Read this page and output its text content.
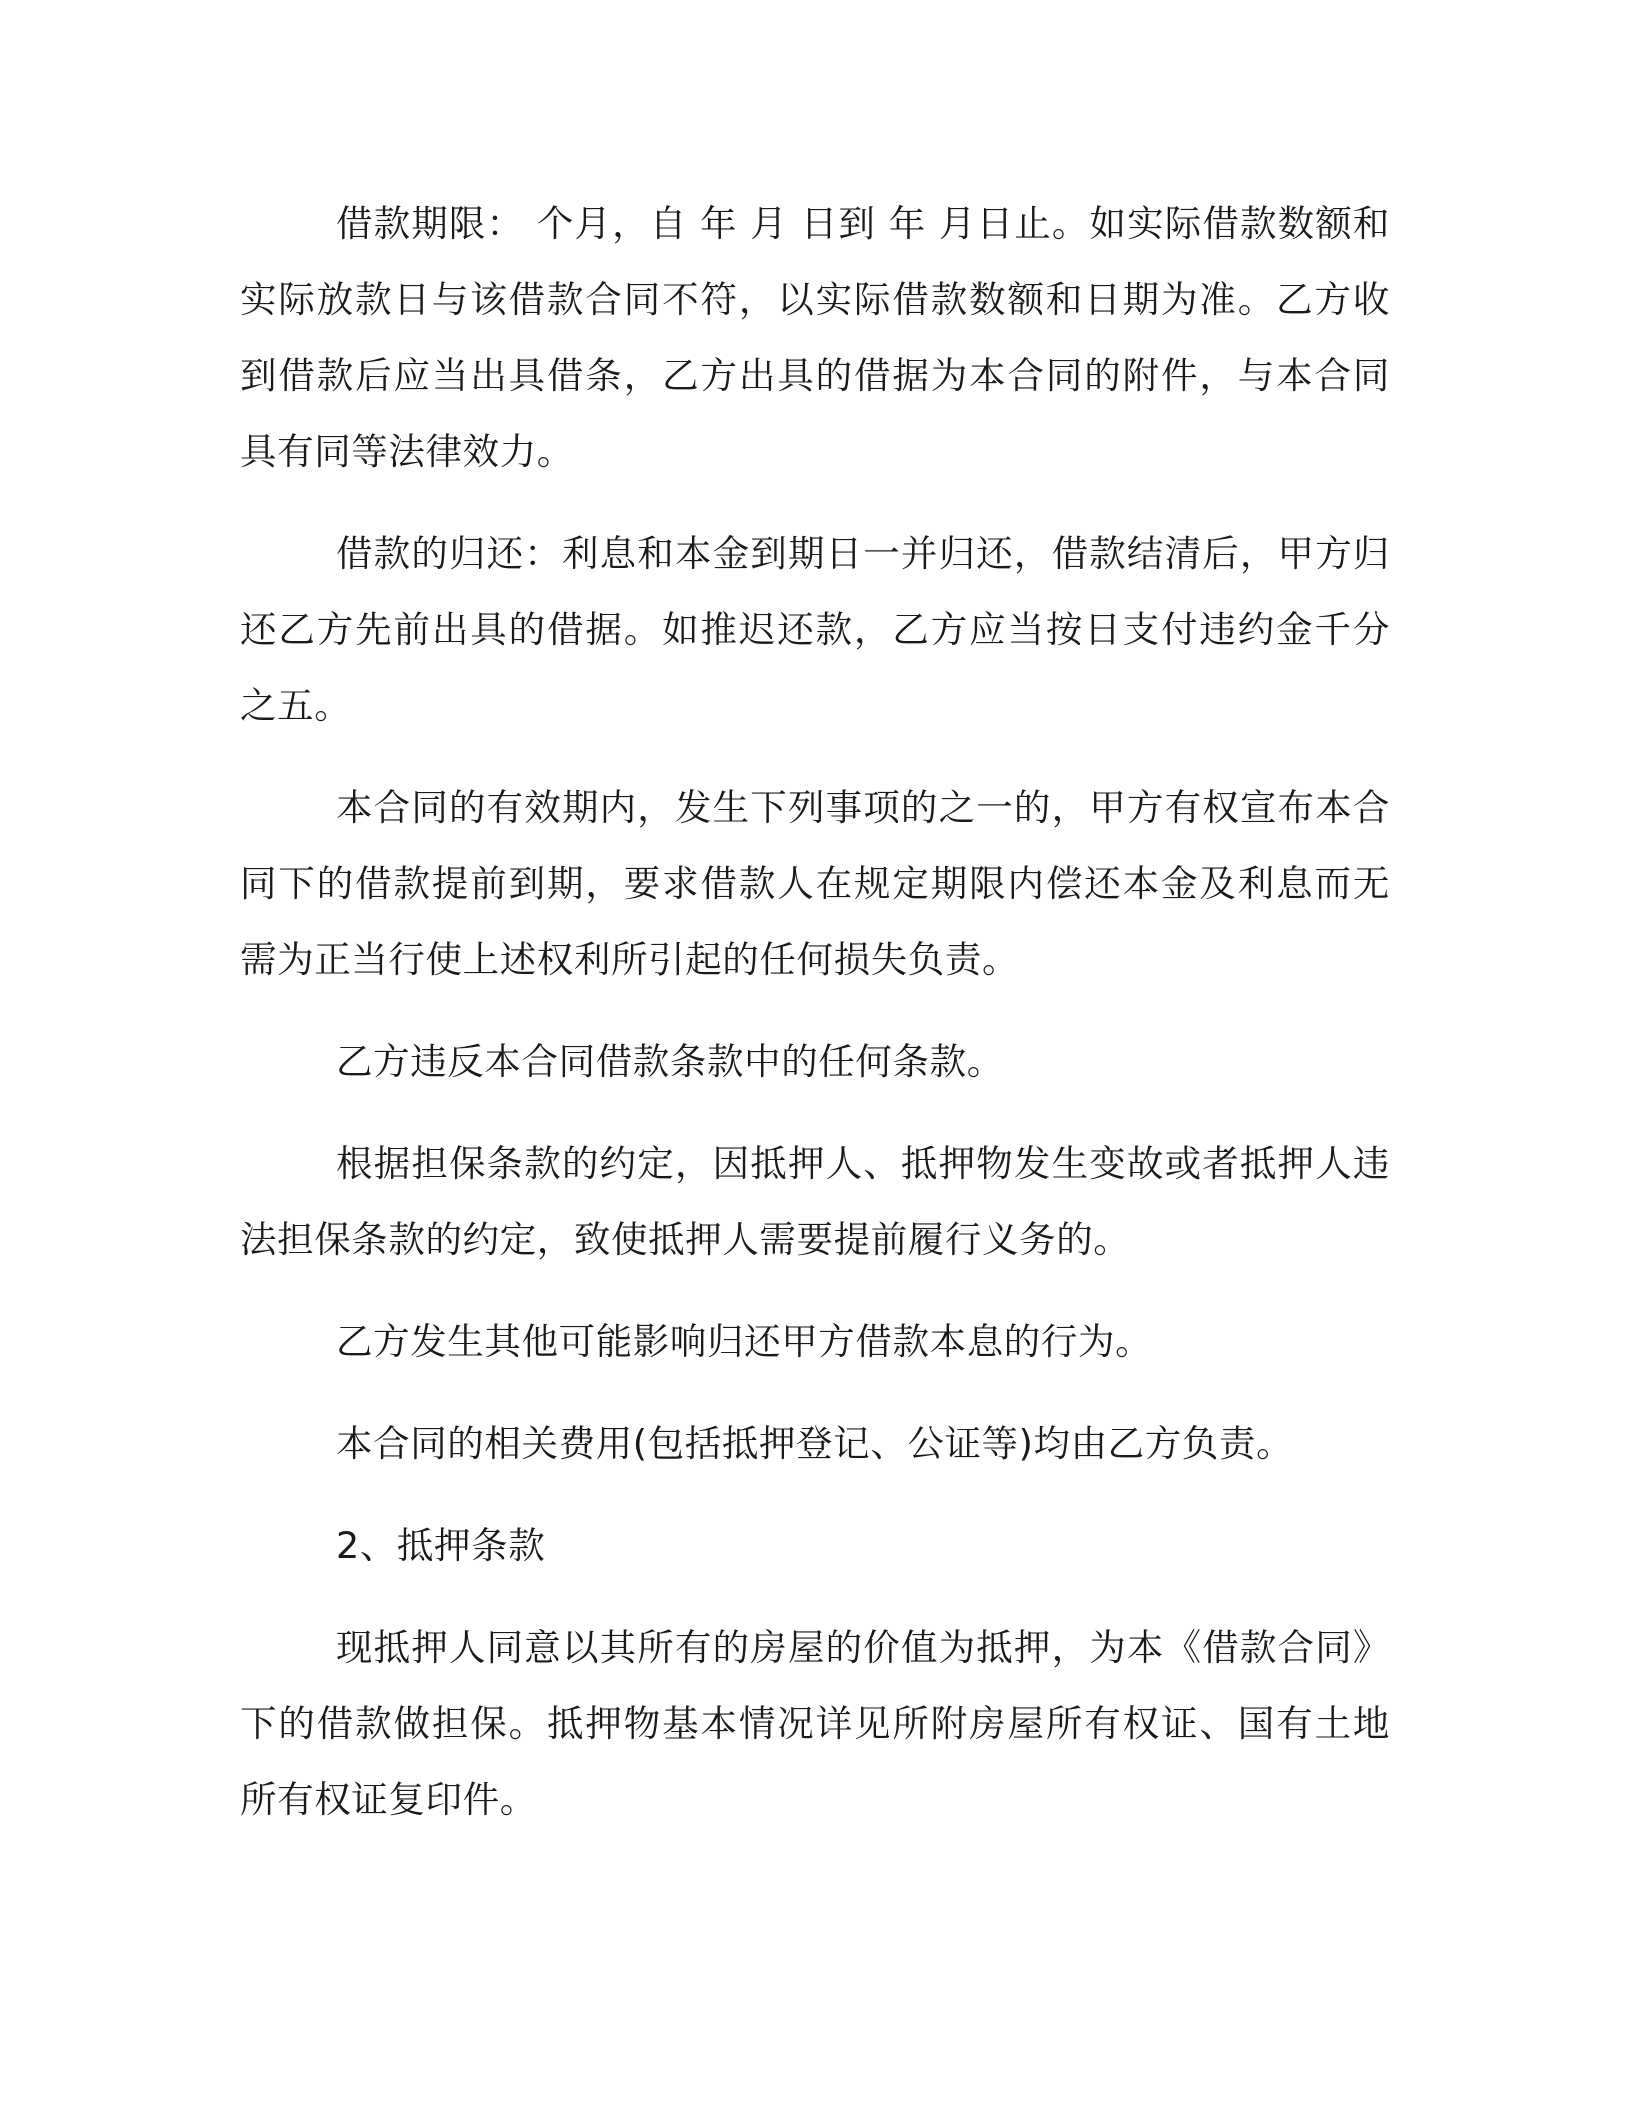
借款期限： 个月，自 年 月 日到 年 月日止。如实际借款数额和实际放款日与该借款合同不符，以实际借款数额和日期为准。乙方收到借款后应当出具借条，乙方出具的借据为本合同的附件，与本合同具有同等法律效力。

借款的归还：利息和本金到期日一并归还，借款结清后，甲方归还乙方先前出具的借据。如推迟还款，乙方应当按日支付违约金千分之五。

本合同的有效期内，发生下列事项的之一的，甲方有权宣布本合同下的借款提前到期，要求借款人在规定期限内偿还本金及利息而无需为正当行使上述权利所引起的任何损失负责。

乙方违反本合同借款条款中的任何条款。

根据担保条款的约定，因抵押人、抵押物发生变故或者抵押人违法担保条款的约定，致使抵押人需要提前履行义务的。

乙方发生其他可能影响归还甲方借款本息的行为。

本合同的相关费用(包括抵押登记、公证等)均由乙方负责。

2、抵押条款

现抵押人同意以其所有的房屋的价值为抵押，为本《借款合同》下的借款做担保。抵押物基本情况详见所附房屋所有权证、国有土地所有权证复印件。
